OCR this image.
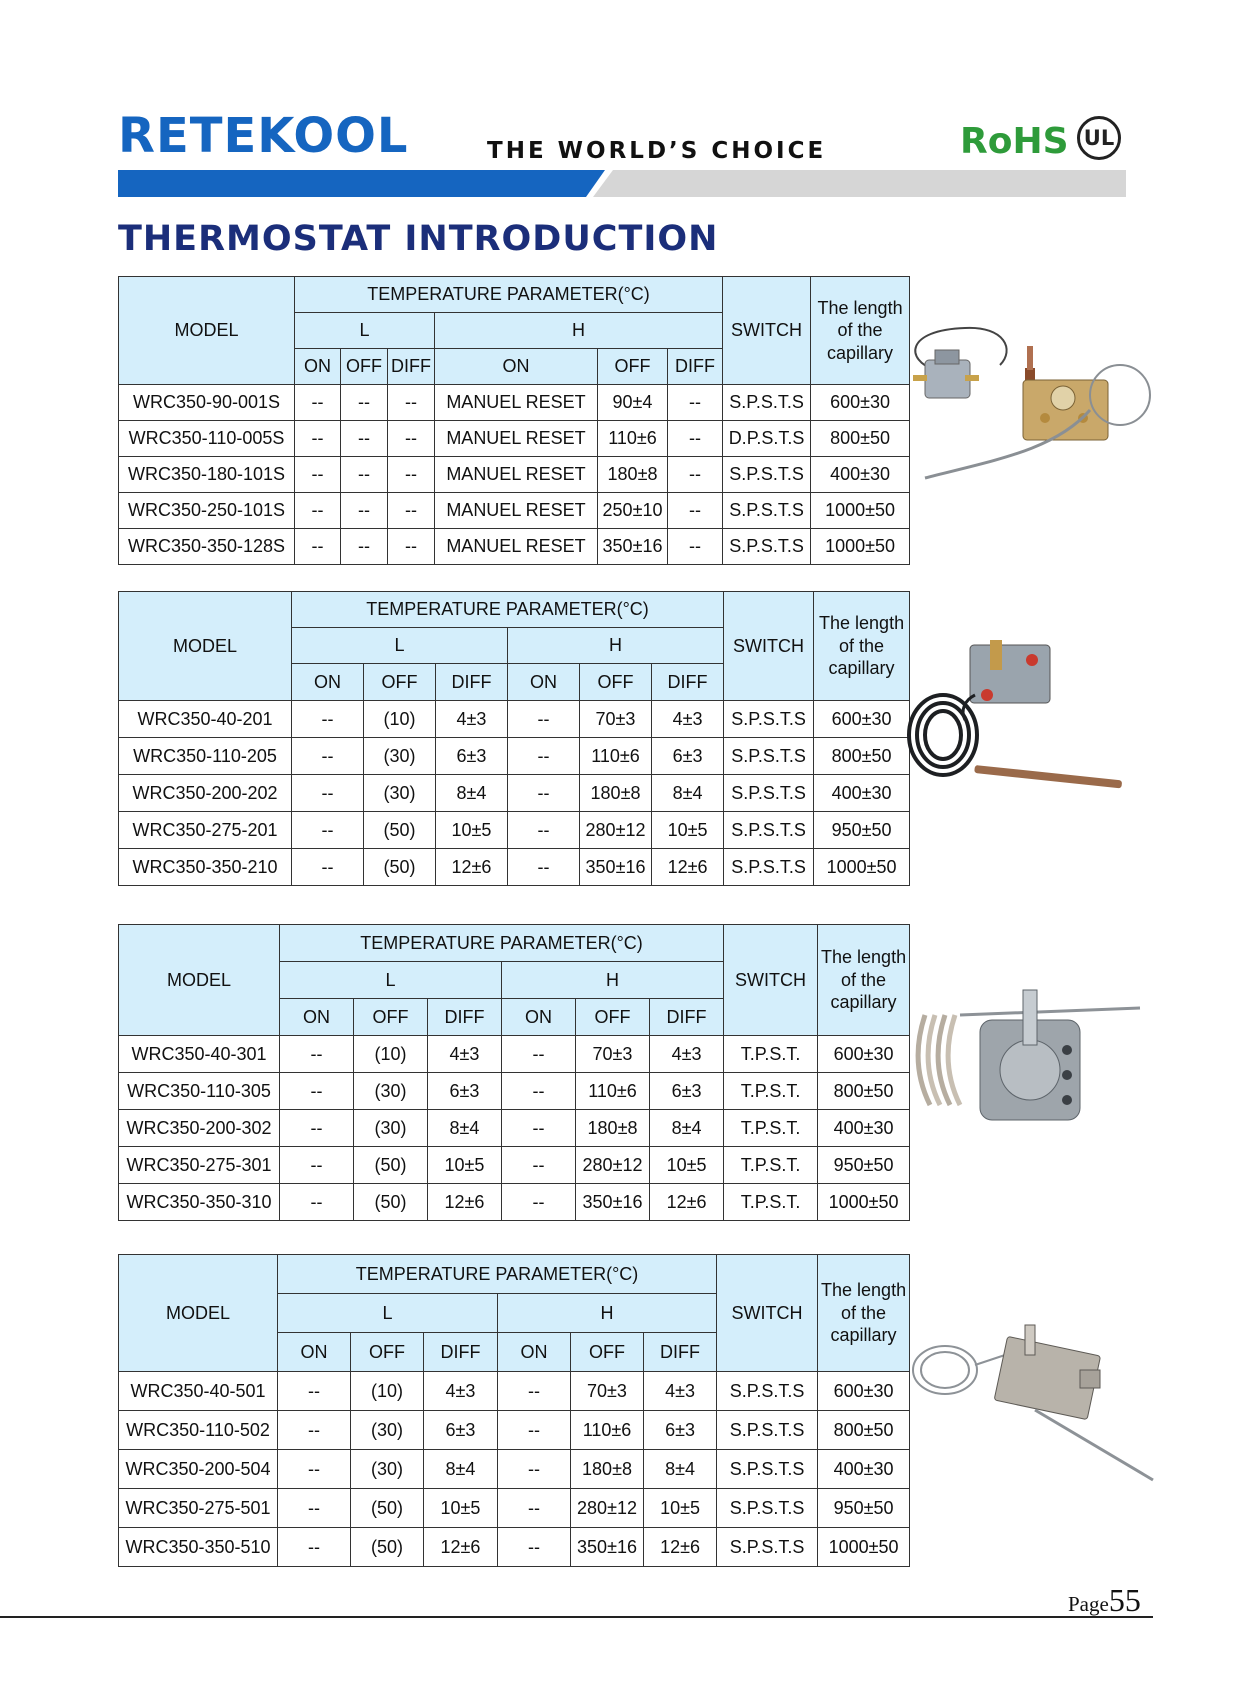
RETEKOOL	THE WORLD’S CHOICE	RoHS UL
THERMOSTAT INTRODUCTION
MODEL	TEMPERATURE PARAMETER(°C)						SWITCH	The length of the capillary
	L			H				
	ON	OFF	DIFF	ON	OFF	DIFF		
WRC350-90-001S	--	--	--	MANUEL RESET	90±4	--	S.P.S.T.S	600±30
WRC350-110-005S	--	--	--	MANUEL RESET	110±6	--	D.P.S.T.S	800±50
WRC350-180-101S	--	--	--	MANUEL RESET	180±8	--	S.P.S.T.S	400±30
WRC350-250-101S	--	--	--	MANUEL RESET	250±10	--	S.P.S.T.S	1000±50
WRC350-350-128S	--	--	--	MANUEL RESET	350±16	--	S.P.S.T.S	1000±50
MODEL	TEMPERATURE PARAMETER(°C)						SWITCH	The length of the capillary
	L			H				
	ON	OFF	DIFF	ON	OFF	DIFF		
WRC350-40-201	--	(10)	4±3	--	70±3	4±3	S.P.S.T.S	600±30
WRC350-110-205	--	(30)	6±3	--	110±6	6±3	S.P.S.T.S	800±50
WRC350-200-202	--	(30)	8±4	--	180±8	8±4	S.P.S.T.S	400±30
WRC350-275-201	--	(50)	10±5	--	280±12	10±5	S.P.S.T.S	950±50
WRC350-350-210	--	(50)	12±6	--	350±16	12±6	S.P.S.T.S	1000±50
MODEL	TEMPERATURE PARAMETER(°C)						SWITCH	The length of the capillary
	L			H				
	ON	OFF	DIFF	ON	OFF	DIFF		
WRC350-40-301	--	(10)	4±3	--	70±3	4±3	T.P.S.T.	600±30
WRC350-110-305	--	(30)	6±3	--	110±6	6±3	T.P.S.T.	800±50
WRC350-200-302	--	(30)	8±4	--	180±8	8±4	T.P.S.T.	400±30
WRC350-275-301	--	(50)	10±5	--	280±12	10±5	T.P.S.T.	950±50
WRC350-350-310	--	(50)	12±6	--	350±16	12±6	T.P.S.T.	1000±50
MODEL	TEMPERATURE PARAMETER(°C)						SWITCH	The length of the capillary
	L			H				
	ON	OFF	DIFF	ON	OFF	DIFF		
WRC350-40-501	--	(10)	4±3	--	70±3	4±3	S.P.S.T.S	600±30
WRC350-110-502	--	(30)	6±3	--	110±6	6±3	S.P.S.T.S	800±50
WRC350-200-504	--	(30)	8±4	--	180±8	8±4	S.P.S.T.S	400±30
WRC350-275-501	--	(50)	10±5	--	280±12	10±5	S.P.S.T.S	950±50
WRC350-350-510	--	(50)	12±6	--	350±16	12±6	S.P.S.T.S	1000±50
Page55
